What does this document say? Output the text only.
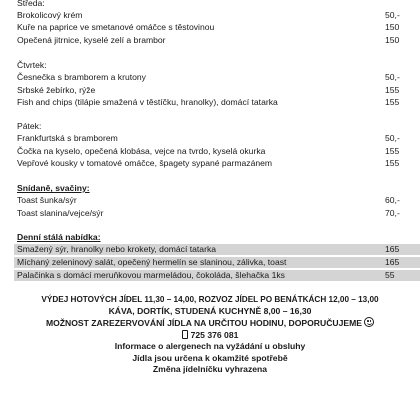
Středa:
Brokolicový krém	50,-
Kuře na paprice ve smetanové omáčce s těstovinou	150
Opečená jitrnice, kyselé zelí a brambor	150
Čtvrtek:
Česnečka s bramborem a krutony	50,-
Srbské žebírko, rýže	155
Fish and chips (tilápie smažená v těstíčku, hranolky), domácí tatarka	155
Pátek:
Frankfurtská s bramborem	50,-
Čočka na kyselo, opečená klobása, vejce na tvrdo, kyselá okurka	155
Vepřové kousky v tomatové omáčce, špagety sypané parmazánem	155
Snídaně, svačiny:
Toast šunka/sýr	60,-
Toast slanina/vejce/sýr	70,-
Denní stálá nabídka:
Smažený sýr, hranolky nebo krokety, domácí tatarka	165
Míchaný zeleninový salát, opečený hermelín se slaninou, zálivka, toast	165
Palačinka s domácí meruňkovou marmeládou, čokoláda, šlehačka 1ks	55
VÝDEJ HOTOVÝCH JÍDEL 11,30 – 14,00, ROZVOZ JÍDEL PO BENÁTKÁCH 12,00 – 13,00
KÁVA, DORTÍK, STUDENÁ KUCHYNĚ 8,00 – 16,30
MOŽNOST ZAREZERVOVÁNÍ JÍDLA NA URČITOU HODINU, DOPORUČUJEME
725 376 081
Informace o alergenech na vyžádání u obsluhy
Jídla jsou určena k okamžité spotřebě
Změna jídelníčku vyhrazena
